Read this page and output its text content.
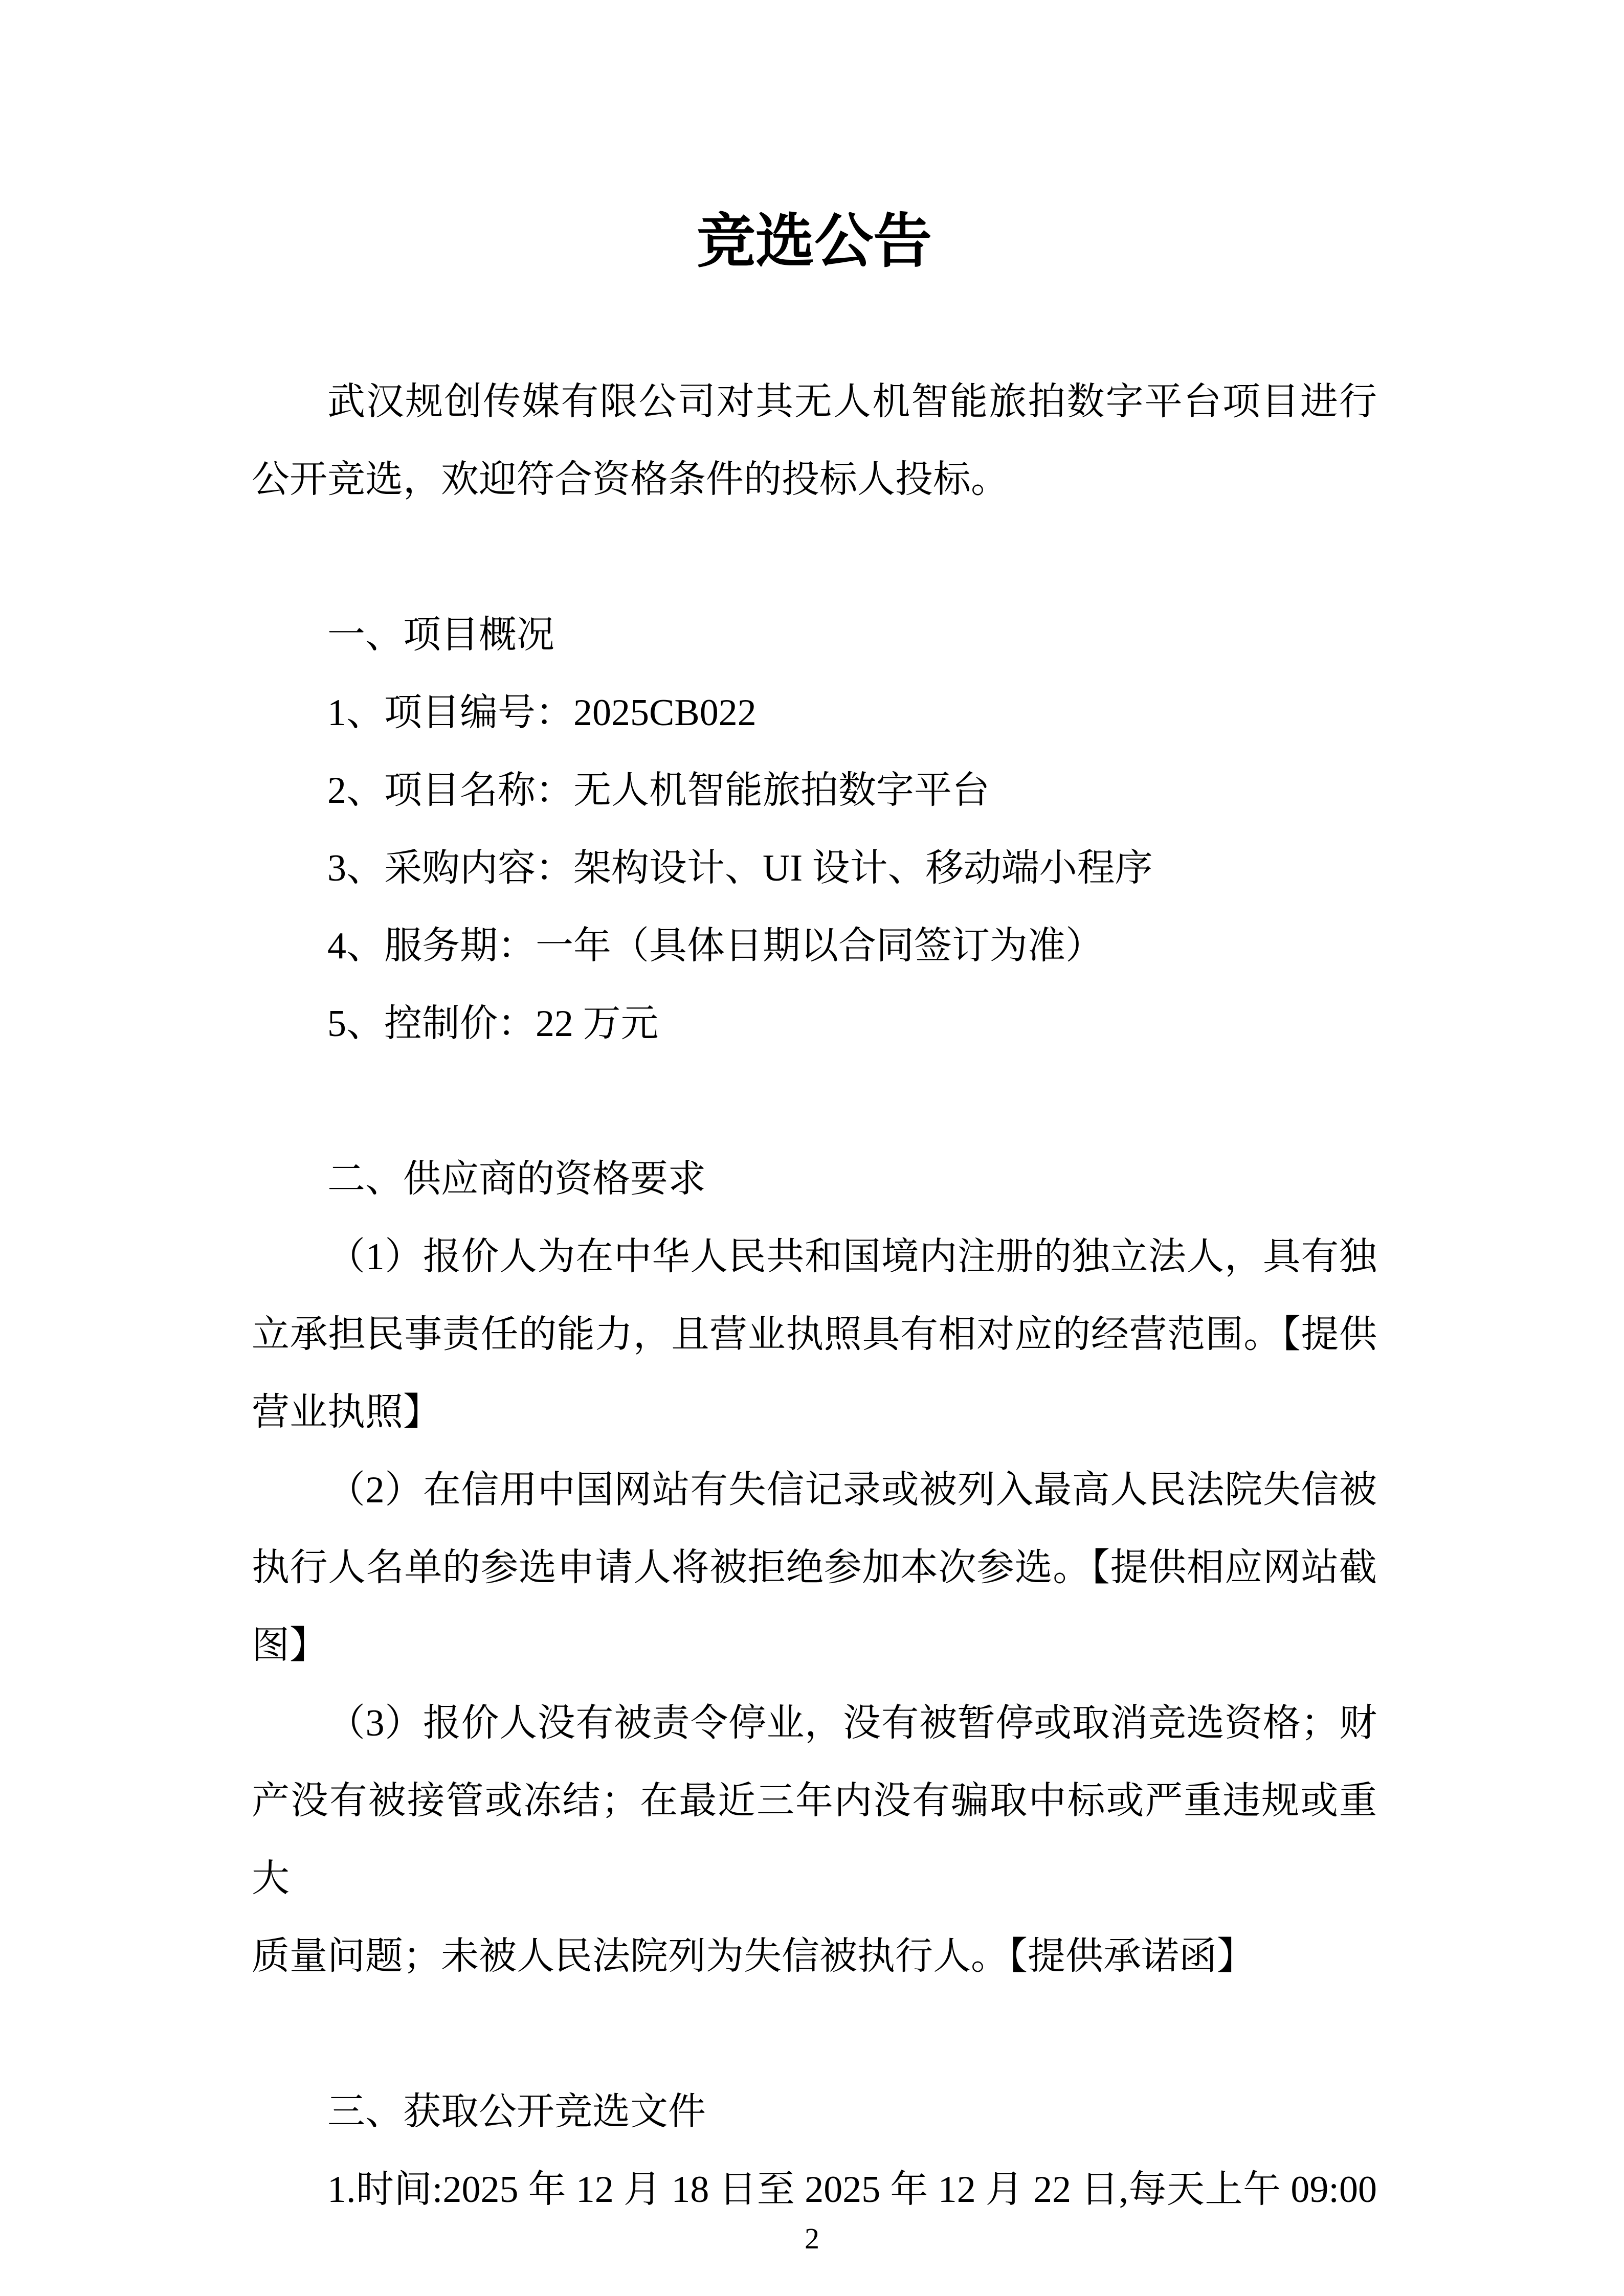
竞选公告

武汉规创传媒有限公司对其无人机智能旅拍数字平台项目进行

公开竞选，欢迎符合资格条件的投标人投标。

一、项目概况

1、项目编号：2025CB022

2、项目名称：无人机智能旅拍数字平台

3、采购内容：架构设计、UI 设计、移动端小程序

4、服务期：一年（具体日期以合同签订为准）

5、控制价：22 万元

二、供应商的资格要求

（1）报价人为在中华人民共和国境内注册的独立法人，具有独

立承担民事责任的能力，且营业执照具有相对应的经营范围。【提供

营业执照】

（2）在信用中国网站有失信记录或被列入最高人民法院失信被

执行人名单的参选申请人将被拒绝参加本次参选。【提供相应网站截

图】

（3）报价人没有被责令停业，没有被暂停或取消竞选资格；财

产没有被接管或冻结；在最近三年内没有骗取中标或严重违规或重大

质量问题；未被人民法院列为失信被执行人。【提供承诺函】

三、获取公开竞选文件

1.时间:2025 年 12 月 18 日至 2025 年 12 月 22 日,每天上午 09:00

2
